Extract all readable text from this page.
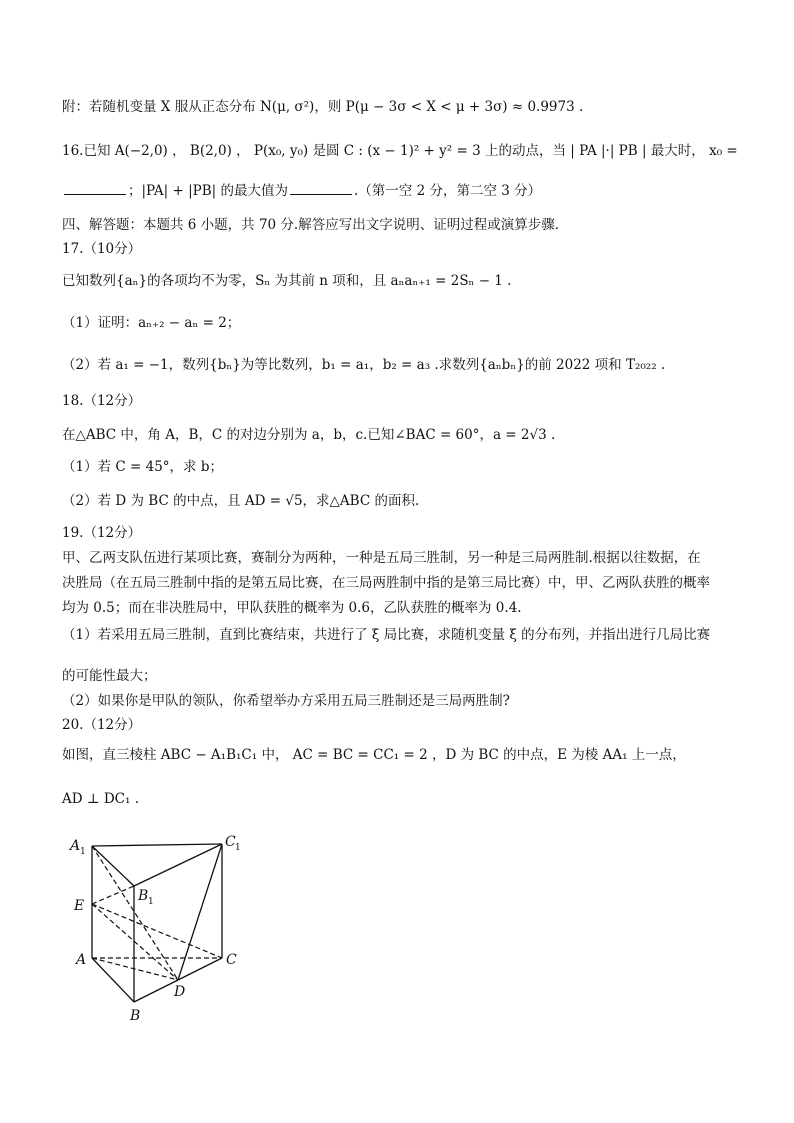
附：若随机变量 X 服从正态分布 N(μ, σ²)，则 P(μ − 3σ < X < μ + 3σ) ≈ 0.9973 .
16.已知 A(−2,0) ， B(2,0) ， P(x₀, y₀) 是圆 C : (x − 1)² + y² = 3 上的动点，当 | PA |·| PB | 最大时， x₀ =
；|PA| + |PB| 的最大值为	.（第一空 2 分，第二空 3 分）
四、解答题：本题共 6 小题，共 70 分.解答应写出文字说明、证明过程或演算步骤.
17.（10分）
已知数列{aₙ}的各项均不为零，Sₙ 为其前 n 项和，且 aₙaₙ₊₁ = 2Sₙ − 1 .
（1）证明：aₙ₊₂ − aₙ = 2；
（2）若 a₁ = −1，数列{bₙ}为等比数列，b₁ = a₁，b₂ = a₃ .求数列{aₙbₙ}的前 2022 项和 T₂₀₂₂ .
18.（12分）
在△ABC 中，角 A，B，C 的对边分别为 a，b，c.已知∠BAC = 60°，a = 2√3 .
（1）若 C = 45°，求 b；
（2）若 D 为 BC 的中点，且 AD = √5，求△ABC 的面积.
19.（12分）
甲、乙两支队伍进行某项比赛，赛制分为两种，一种是五局三胜制，另一种是三局两胜制.根据以往数据，在
决胜局（在五局三胜制中指的是第五局比赛，在三局两胜制中指的是第三局比赛）中，甲、乙两队获胜的概率
均为 0.5；而在非决胜局中，甲队获胜的概率为 0.6，乙队获胜的概率为 0.4.
（1）若采用五局三胜制，直到比赛结束，共进行了 ξ 局比赛，求随机变量 ξ 的分布列，并指出进行几局比赛
的可能性最大；
（2）如果你是甲队的领队，你希望举办方采用五局三胜制还是三局两胜制?
20.（12分）
如图，直三棱柱 ABC − A₁B₁C₁ 中， AC = BC = CC₁ = 2 ，D 为 BC 的中点，E 为棱 AA₁ 上一点，
AD ⊥ DC₁ .
A 1
C 1
B 1
E
A	C
D
B
